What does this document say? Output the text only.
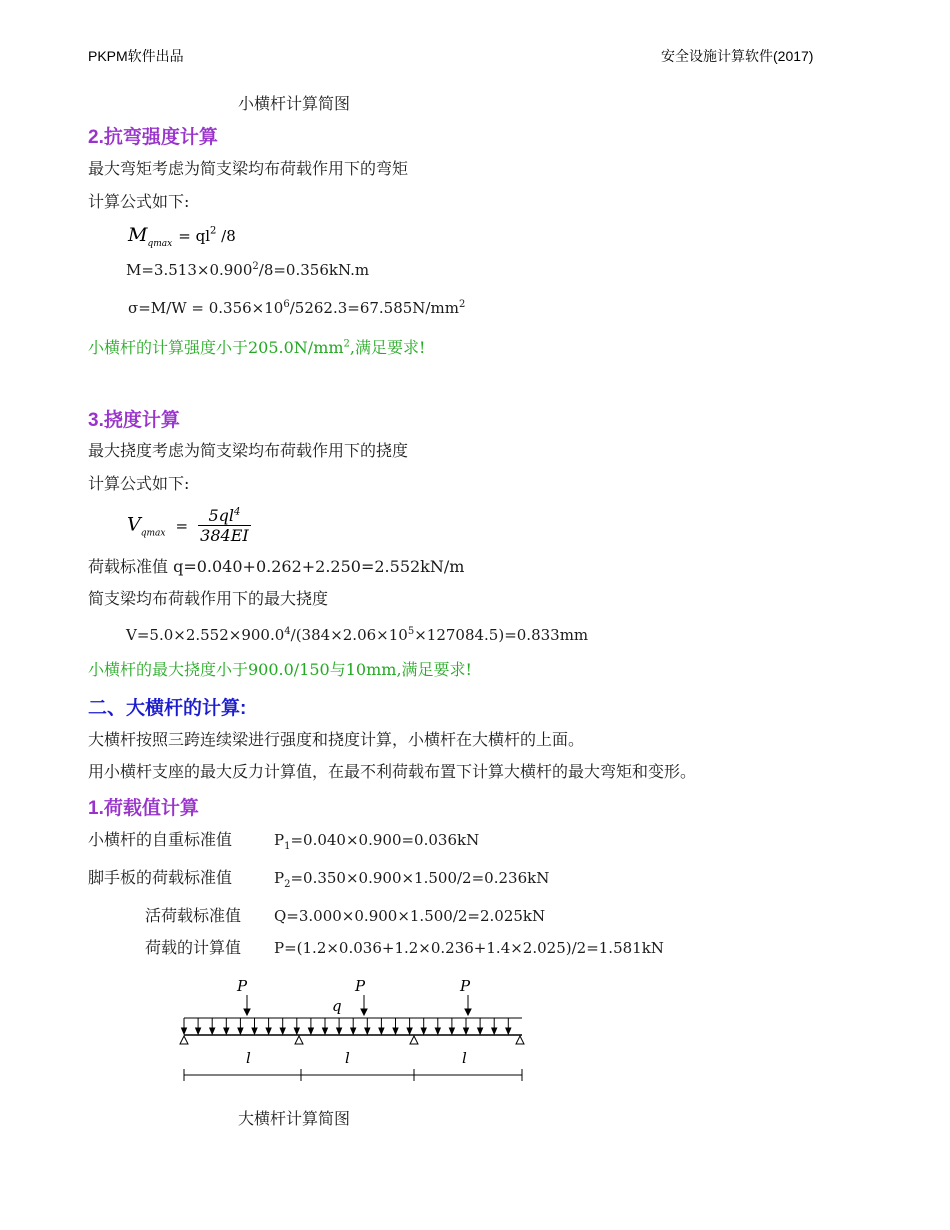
PKPM软件出品	安全设施计算软件(2017)
小横杆计算简图
2.抗弯强度计算
最大弯矩考虑为简支梁均布荷载作用下的弯矩
计算公式如下:
$M_{qmax} = ql^2$ /8
$M=3.513\times 0.900^2/8=0.356kN.m$
$\sigma=M/W = 0.356\times 10^6/5262.3=67.585N/mm^2$
小横杆的计算强度小于$205.0N/mm^2$,满足要求!
3.挠度计算
最大挠度考虑为简支梁均布荷载作用下的挠度
计算公式如下:
$V_{qmax} = \frac{5ql^4}{384EI}$
荷载标准值 q=0.040+0.262+2.250=2.552kN/m
简支梁均布荷载作用下的最大挠度
$V=5.0\times 2.552\times 900.0^4/(384\times 2.06\times 10^5\times 127084.5)=0.833mm$
小横杆的最大挠度小于900.0/150与10mm,满足要求!
二、大横杆的计算:
大横杆按照三跨连续梁进行强度和挠度计算，小横杆在大横杆的上面。
用小横杆支座的最大反力计算值，在最不利荷载布置下计算大横杆的最大弯矩和变形。
1.荷载值计算
小横杆的自重标准值	$P_1=0.040\times 0.900=0.036kN$
脚手板的荷载标准值	$P_2=0.350\times 0.900\times 1.500/2=0.236kN$
活荷载标准值 Q=3.000×0.900×1.500/2=2.025kN
荷载的计算值 P=(1.2×0.036+1.2×0.236+1.4×2.025)/2=1.581kN
P	P	P
q
l	l	l
大横杆计算简图
